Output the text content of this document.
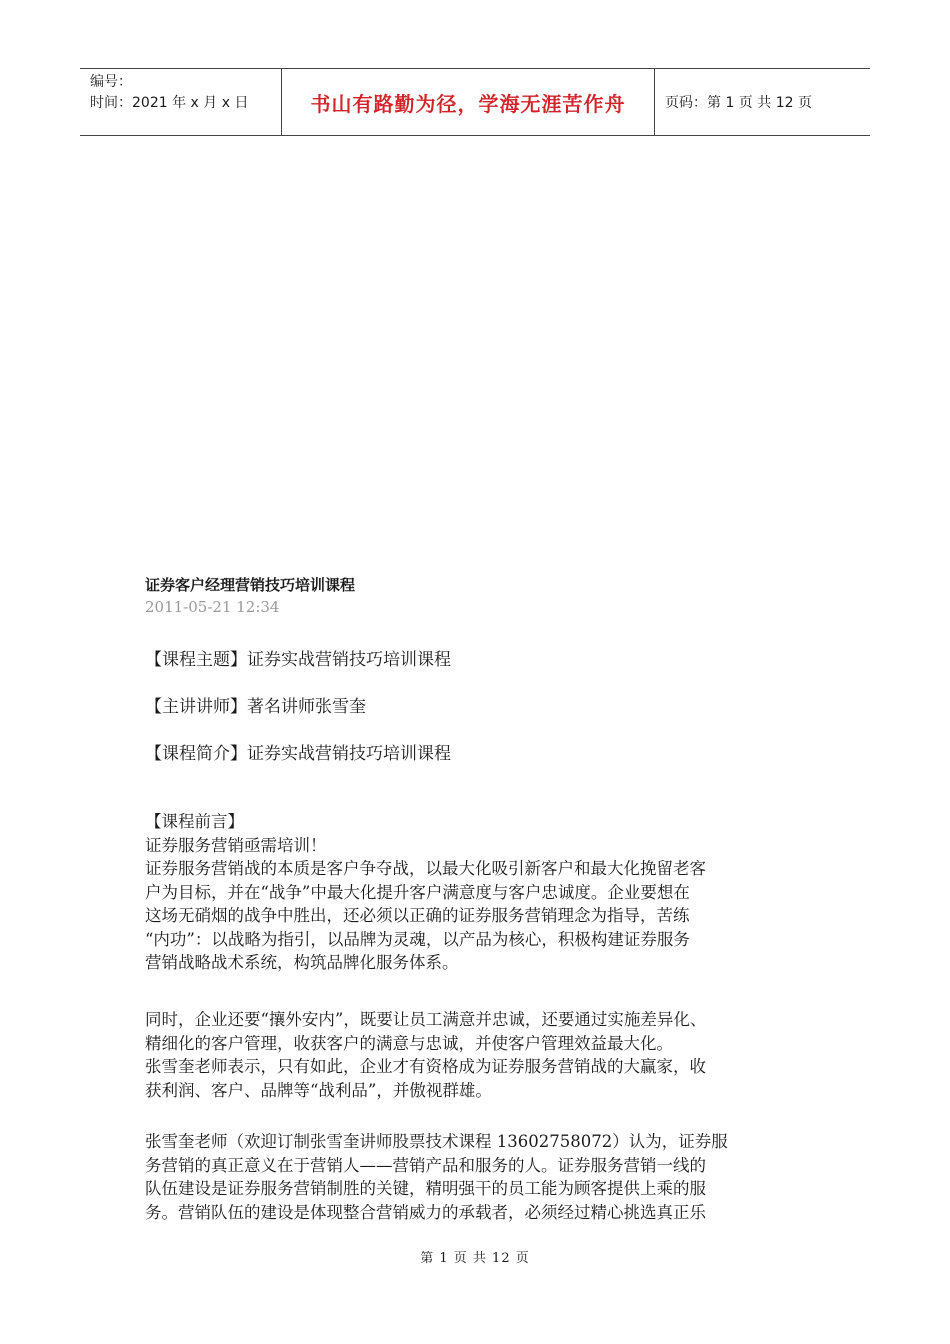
编号：
时间：2021 年 x 月 x 日	书山有路勤为径，学海无涯苦作舟	页码：第 1 页 共 12 页
证券客户经理营销技巧培训课程
2011-05-21 12:34
【课程主题】证券实战营销技巧培训课程
【主讲讲师】著名讲师张雪奎
【课程简介】证券实战营销技巧培训课程
【课程前言】
证券服务营销亟需培训！
证券服务营销战的本质是客户争夺战，以最大化吸引新客户和最大化挽留老客
户为目标，并在“战争”中最大化提升客户满意度与客户忠诚度。企业要想在
这场无硝烟的战争中胜出，还必须以正确的证券服务营销理念为指导，苦练
“内功”：以战略为指引，以品牌为灵魂，以产品为核心，积极构建证券服务
营销战略战术系统，构筑品牌化服务体系。
同时，企业还要“攘外安内”，既要让员工满意并忠诚，还要通过实施差异化、
精细化的客户管理，收获客户的满意与忠诚，并使客户管理效益最大化。
张雪奎老师表示，只有如此，企业才有资格成为证券服务营销战的大赢家，收
获利润、客户、品牌等“战利品”，并傲视群雄。
张雪奎老师（欢迎订制张雪奎讲师股票技术课程 13602758072）认为，证券服
务营销的真正意义在于营销人——营销产品和服务的人。证券服务营销一线的
队伍建设是证券服务营销制胜的关键，精明强干的员工能为顾客提供上乘的服
务。营销队伍的建设是体现整合营销威力的承载者，必须经过精心挑选真正乐
第 1 页 共 12 页
